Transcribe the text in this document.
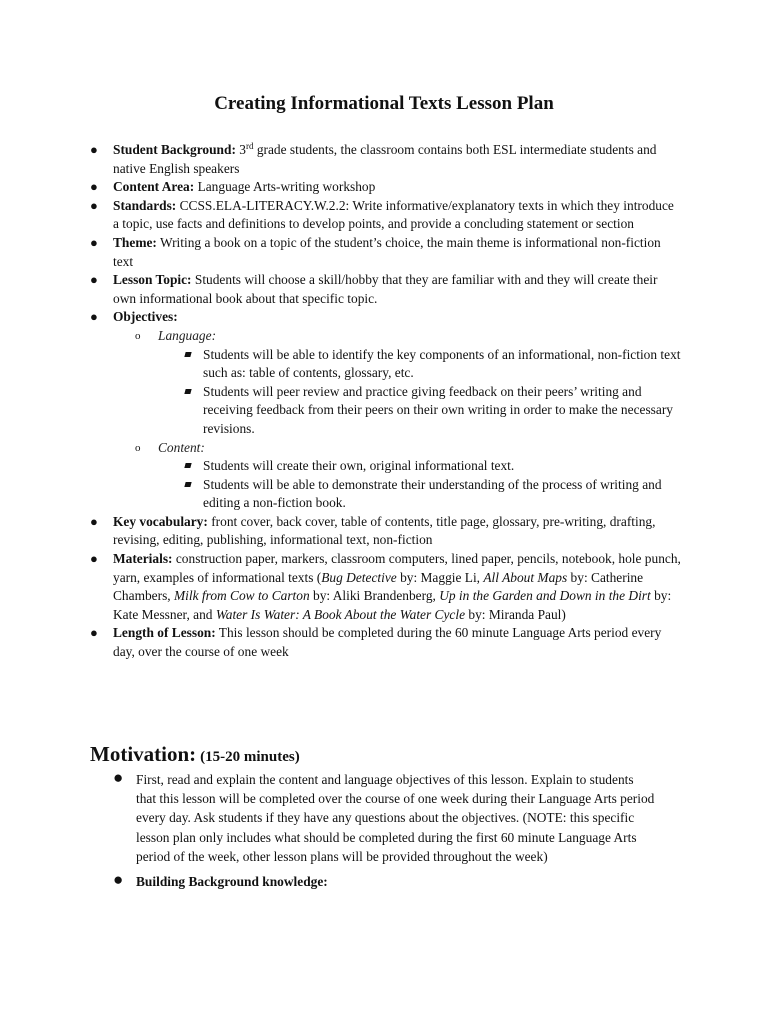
Creating Informational Texts Lesson Plan
● Student Background: 3rd grade students, the classroom contains both ESL intermediate students and native English speakers
● Content Area: Language Arts-writing workshop
● Standards: CCSS.ELA-LITERACY.W.2.2: Write informative/explanatory texts in which they introduce a topic, use facts and definitions to develop points, and provide a concluding statement or section
● Theme: Writing a book on a topic of the student’s choice, the main theme is informational non-fiction text
● Lesson Topic: Students will choose a skill/hobby that they are familiar with and they will create their own informational book about that specific topic.
● Objectives:
o Language:
Students will be able to identify the key components of an informational, non-fiction text such as: table of contents, glossary, etc.
Students will peer review and practice giving feedback on their peers’ writing and receiving feedback from their peers on their own writing in order to make the necessary revisions.
o Content:
Students will create their own, original informational text.
Students will be able to demonstrate their understanding of the process of writing and editing a non-fiction book.
● Key vocabulary: front cover, back cover, table of contents, title page, glossary, pre-writing, drafting, revising, editing, publishing, informational text, non-fiction
● Materials: construction paper, markers, classroom computers, lined paper, pencils, notebook, hole punch, yarn, examples of informational texts (Bug Detective by: Maggie Li, All About Maps by: Catherine Chambers, Milk from Cow to Carton by: Aliki Brandenberg, Up in the Garden and Down in the Dirt by: Kate Messner, and Water Is Water: A Book About the Water Cycle by: Miranda Paul)
● Length of Lesson: This lesson should be completed during the 60 minute Language Arts period every day, over the course of one week
Motivation: (15-20 minutes)
● First, read and explain the content and language objectives of this lesson. Explain to students that this lesson will be completed over the course of one week during their Language Arts period every day. Ask students if they have any questions about the objectives. (NOTE: this specific lesson plan only includes what should be completed during the first 60 minute Language Arts period of the week, other lesson plans will be provided throughout the week)
● Building Background knowledge:
